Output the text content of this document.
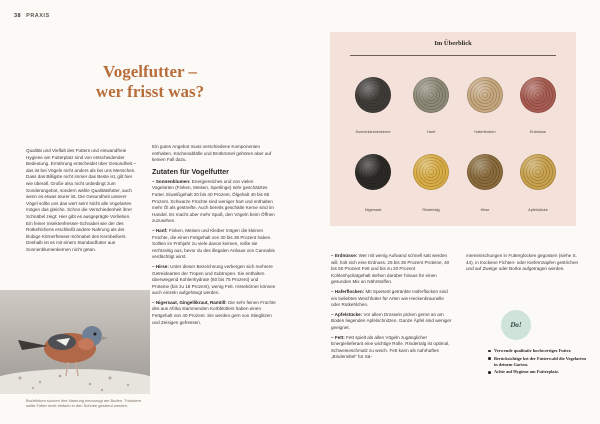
38 PRAXIS
Vogelfutter –
wer frisst was?

Qualität und Vielfalt des Futters und einwandfreie Hygiene am Futterplatz sind von entscheidender Bedeutung. Ernährung entscheidet über Gesundheit – das ist bei Vögeln nicht anders als bei uns Menschen. Dass das Billigste nicht immer das Beste ist, gilt hier wie überall. Große also nicht unbedingt zum Sonderangebot, sondern wähle Qualitätsfutter, auch wenn es etwas teurer ist. Die Gesundheit unserer Vögel sollte uns das wert sein! Nicht alle Vogelarten mögen das gleiche. Schon die Verschiedenheit ihrer Schnäbel zeigt: Hier gibt es ausgeprägte Vorlieben. Ein feiner Insektenfresser-Schnabel wie der des Rotkehlchens erschließt andere Nahrung als der klobige Körnerfresser-Schnabel des Kernbeißers. Deshalb ist es mit einem Standardfutter aus Sonnenblumenkernen nicht getan.

Ein gutes Angebot muss verschiedene Komponenten enthalten. Küchenabfälle und Brotkrümel gehören aber auf keinen Fall dazu.

Zutaten für Vogelfutter

– Sonnenblumen: Energiereiches und von vielen Vogelarten (Finken, Meisen, Sperlinge) sehr geschätztes Futter. Eiweißgehalt 20 bis 40 Prozent, Ölgehalt 40 bis 65 Prozent. Schwarze Früchte sind weniger hart und enthalten mehr Öl als gestreifte. Auch bereits geschälte Kerne sind im Handel. Es macht aber mehr Spaß, den Vögeln beim Öffnen zuzusehen.

– Hanf: Finken, Meisen und Kleiber mögen die kleinen Früchte, die einen Fettgehalt von 30 bis 35 Prozent haben. Sollten im Frühjahr zu viele davon keimen, reiße sie rechtzeitig aus, bevor du des illegalen Anbaus von Cannabis verdächtigt wirst.

– Hirse: Unter dieser Bezeichnung verbergen sich mehrere Getreidearten der Tropen und Subtropen. Sie enthalten überwiegend Kohlenhydrate (60 bis 75 Prozent) und Proteine (bis zu 18 Prozent), wenig Fett. Hirsekörner können auch einzeln aufgehängt werden.

– Nigersaat, Gingellikraut, Ramtill: Die sehr feinen Früchte des aus Afrika stammenden Korbblütlers haben einen Fettgehalt von 40 Prozent. Sie werden gern von Stieglitzen und Zeisigen gefressen.

– Erdnüsse: Wer mit wenig Aufwand schnell satt werden will, holt sich eine Erdnuss. 25 bis 35 Prozent Proteine, 40 bis 50 Prozent Fett und bis zu 20 Prozent Kohlenhydratgehalt stehen darüber hinaus für einen gesunden Mix an Nährstoffen.

– Haferflocken: Mit Speiseöl getränkte Haferflocken sind ein beliebtes Weichfutter für Arten wie Heckenbraunelle oder Rotkehlchen.

– Apfelstücke: Vor allem Drosseln picken gerne an am Boden liegenden Apfelschnitzen. Ganze Äpfel sind weniger geeignet.

– Fett: Fett spielt als allen Vögeln zugänglicher Energielieferant eine wichtige Rolle. Rindertalg ist optimal, Schweineschmalz zu weich. Fett kann als nahrhaftes „Bindemittel“ für Sä-

mereimischungen in Futterglocken gegossen (siehe S. 44), in trockene Fichten- oder Kiefernzapfen gestrichen und auf Zweige oder Borke aufgetragen werden.

Buchfinken suchen ihre Nahrung bevorzugt am Boden. Trotzdem sollte Futter nicht einfach in den Schnee gestreut werden.
Im Überblick
Sonnenblumenkerne	Hanf	Haferflocken	Erdnüsse
Nigersaat	Rindertalg	Hirse	Apfelstücke
Do!
Verwende qualitativ hochwertiges Futter.
Berücksichtige bei der Futterwahl die Vogelarten in deinem Garten.
Achte auf Hygiene am Futterplatz.
